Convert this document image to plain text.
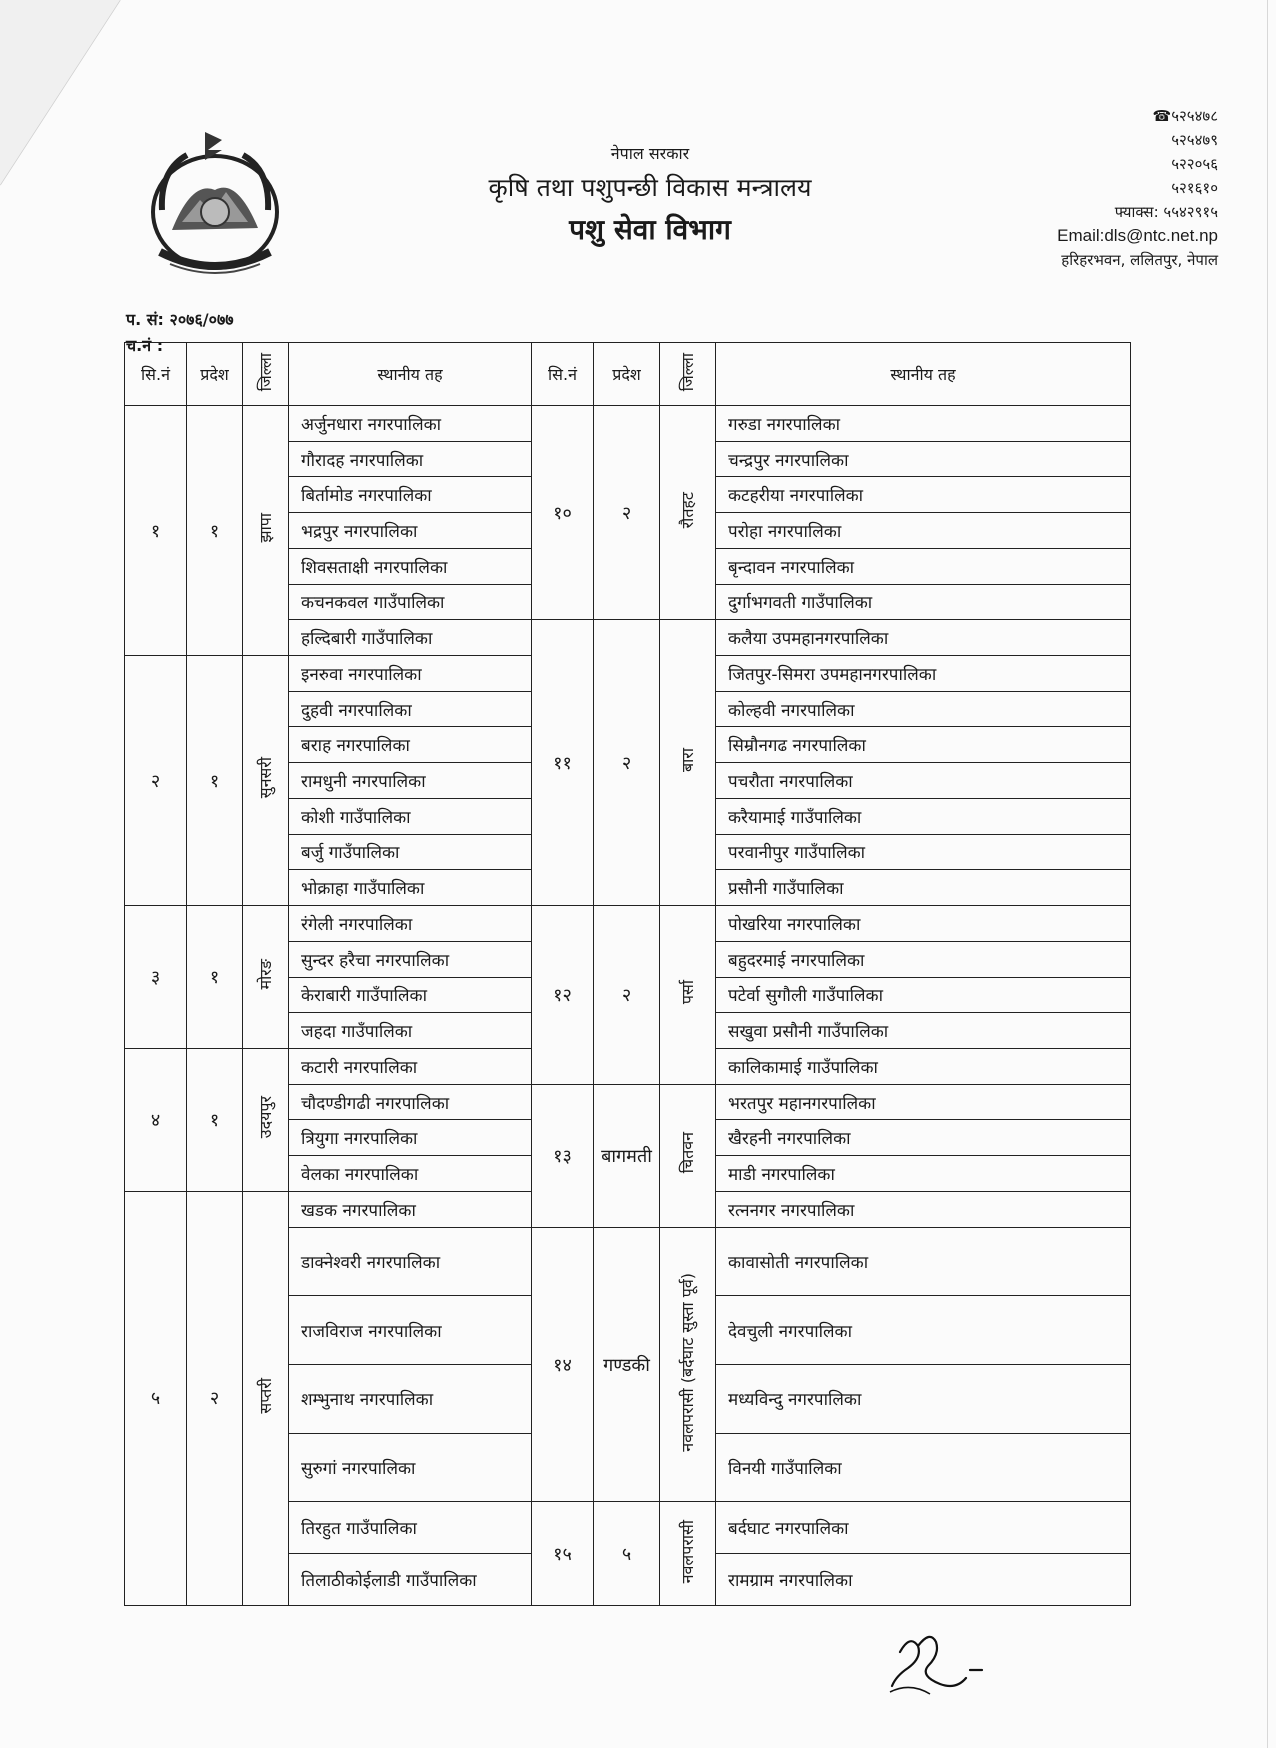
नेपाल सरकार
कृषि तथा पशुपन्छी विकास मन्त्रालय
पशु सेवा विभाग
☎५२५४७८
५२५४७९
५२२०५६
५२१६१०
फ्याक्स: ५५४२९१५
Email:dls@ntc.net.np
हरिहरभवन, ललितपुर, नेपाल
प. सं: २०७६/०७७
च.नं :
सि.नं	प्रदेश	जिल्ला	स्थानीय तह	सि.नं	प्रदेश	जिल्ला	स्थानीय तह
१	१	झापा	अर्जुनधारा नगरपालिका	१०	२	रौतहट	गरुडा नगरपालिका
			गौरादह नगरपालिका				चन्द्रपुर नगरपालिका
			बिर्तामोड नगरपालिका				कटहरीया नगरपालिका
			भद्रपुर नगरपालिका				परोहा नगरपालिका
			शिवसताक्षी नगरपालिका				बृन्दावन नगरपालिका
			कचनकवल गाउँपालिका				दुर्गाभगवती गाउँपालिका
			हल्दिबारी गाउँपालिका	११	२	बारा	कलैया उपमहानगरपालिका
२	१	सुनसरी	इनरुवा नगरपालिका				जितपुर-सिमरा उपमहानगरपालिका
			दुहवी नगरपालिका				कोल्हवी नगरपालिका
			बराह नगरपालिका				सिम्रौनगढ नगरपालिका
			रामधुनी नगरपालिका				पचरौता नगरपालिका
			कोशी गाउँपालिका				करैयामाई गाउँपालिका
			बर्जु गाउँपालिका				परवानीपुर गाउँपालिका
			भोक्राहा गाउँपालिका				प्रसौनी गाउँपालिका
३	१	मोरङ	रंगेली नगरपालिका	१२	२	पर्सा	पोखरिया नगरपालिका
			सुन्दर हरैचा नगरपालिका				बहुदरमाई नगरपालिका
			केराबारी गाउँपालिका				पटेर्वा सुगौली गाउँपालिका
			जहदा गाउँपालिका				सखुवा प्रसौनी गाउँपालिका
४	१	उदयपुर	कटारी नगरपालिका				कालिकामाई गाउँपालिका
			चौदण्डीगढी नगरपालिका	१३	बागमती	चितवन	भरतपुर महानगरपालिका
			त्रियुगा नगरपालिका				खैरहनी नगरपालिका
			वेलका नगरपालिका				माडी नगरपालिका
५	२	सप्तरी	खडक नगरपालिका				रत्ननगर नगरपालिका
			डाक्नेश्वरी नगरपालिका	१४	गण्डकी	नवलपरासी (बर्दघाट सुस्ता पूर्व)	कावासोती नगरपालिका
			राजविराज नगरपालिका				देवचुली नगरपालिका
			शम्भुनाथ नगरपालिका				मध्यविन्दु नगरपालिका
			सुरुगां नगरपालिका				विनयी गाउँपालिका
			तिरहुत गाउँपालिका	१५	५	नवलपरासी	बर्दघाट नगरपालिका
			तिलाठीकोईलाडी गाउँपालिका				रामग्राम नगरपालिका
